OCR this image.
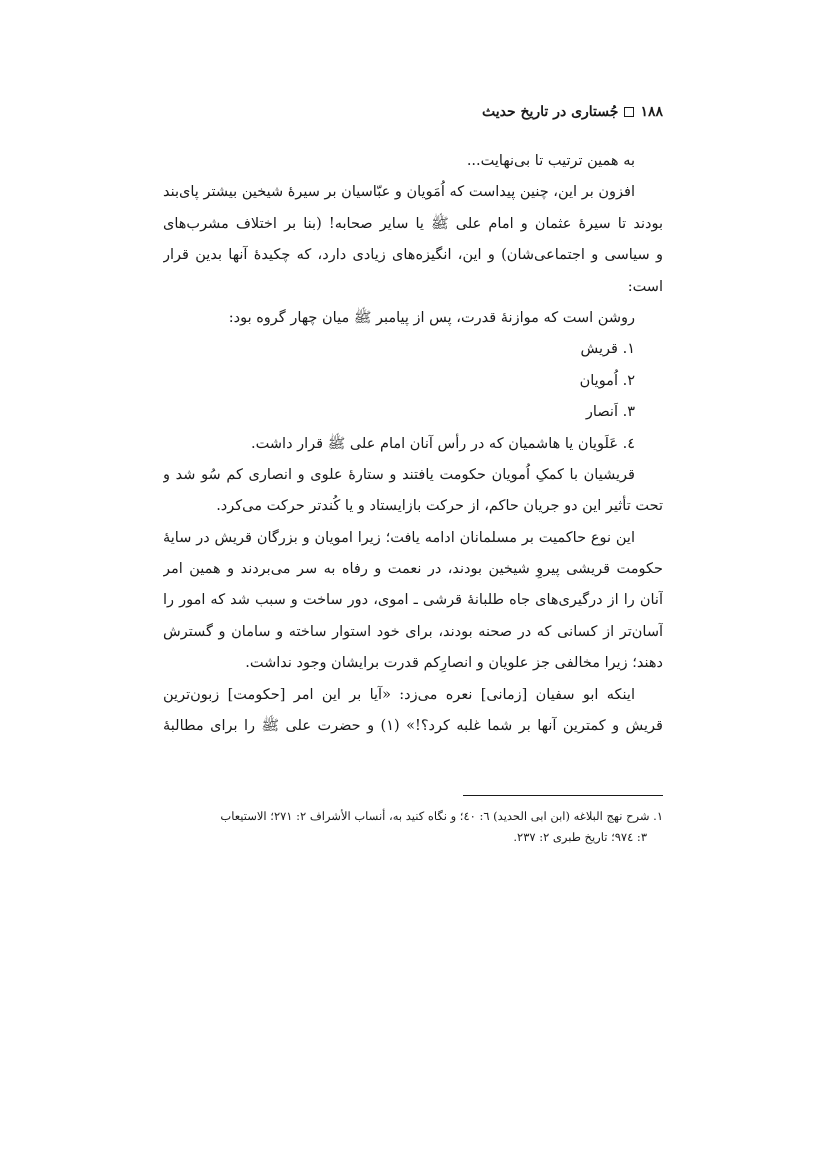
۱۸۸
جُستاری در تاریخ حدیث
به همین ترتیب تا بی‌نهایت...
افزون بر این، چنین پیداست که اُمَویان و عبّاسیان بر سیرهٔ شیخین بیشتر پای‌بند
بودند تا سیرهٔ عثمان و امام علی ﷺ یا سایر صحابه! (بنا بر اختلاف مشرب‌های
و سیاسی و اجتماعی‌شان) و این، انگیزه‌های زیادی دارد، که چکیدهٔ آنها بدین قرار
است:
روشن است که موازنهٔ قدرت، پس از پیامبر ﷺ میان چهار گروه بود:
۱. قریش
۲. اُمویان
۳. اَنصار
٤. عَلَویان یا هاشمیان که در رأس آنان امام علی ﷺ قرار داشت.
قریشیان با کمکِ اُمویان حکومت یافتند و ستارهٔ علوی و انصاری کم سُو شد و
تحت تأثیر این دو جریان حاکم، از حرکت بازایستاد و یا کُندتر حرکت می‌کرد.
این نوع حاکمیت بر مسلمانان ادامه یافت؛ زیرا امویان و بزرگان قریش در سایهٔ
حکومت قریشی پیروِ شیخین بودند، در نعمت و رفاه به سر می‌بردند و همین امر
آنان را از درگیری‌های جاه طلبانهٔ قرشی ـ اموی، دور ساخت و سبب شد که امور را
آسان‌تر از کسانی که در صحنه بودند، برای خود استوار ساخته و سامان و گسترش
دهند؛ زیرا مخالفی جز علویان و انصارِکم قدرت برایشان وجود نداشت.
اینکه ابو سفیان [زمانی] نعره می‌زد: «آیا بر این امر [حکومت] زبون‌ترین
قریش و کمترین آنها بر شما غلبه کرد؟!» (۱) و حضرت علی ﷺ را برای مطالبهٔ
۱. شرح نهج البلاغه (ابن ابی الحدید) ٦: ٤٠؛ و نگاه کنید به، أنساب الأشراف ۲: ۲۷۱؛ الاستیعاب
۳: ٩٧٤؛ تاریخ طبری ۲: ۲۳۷.
